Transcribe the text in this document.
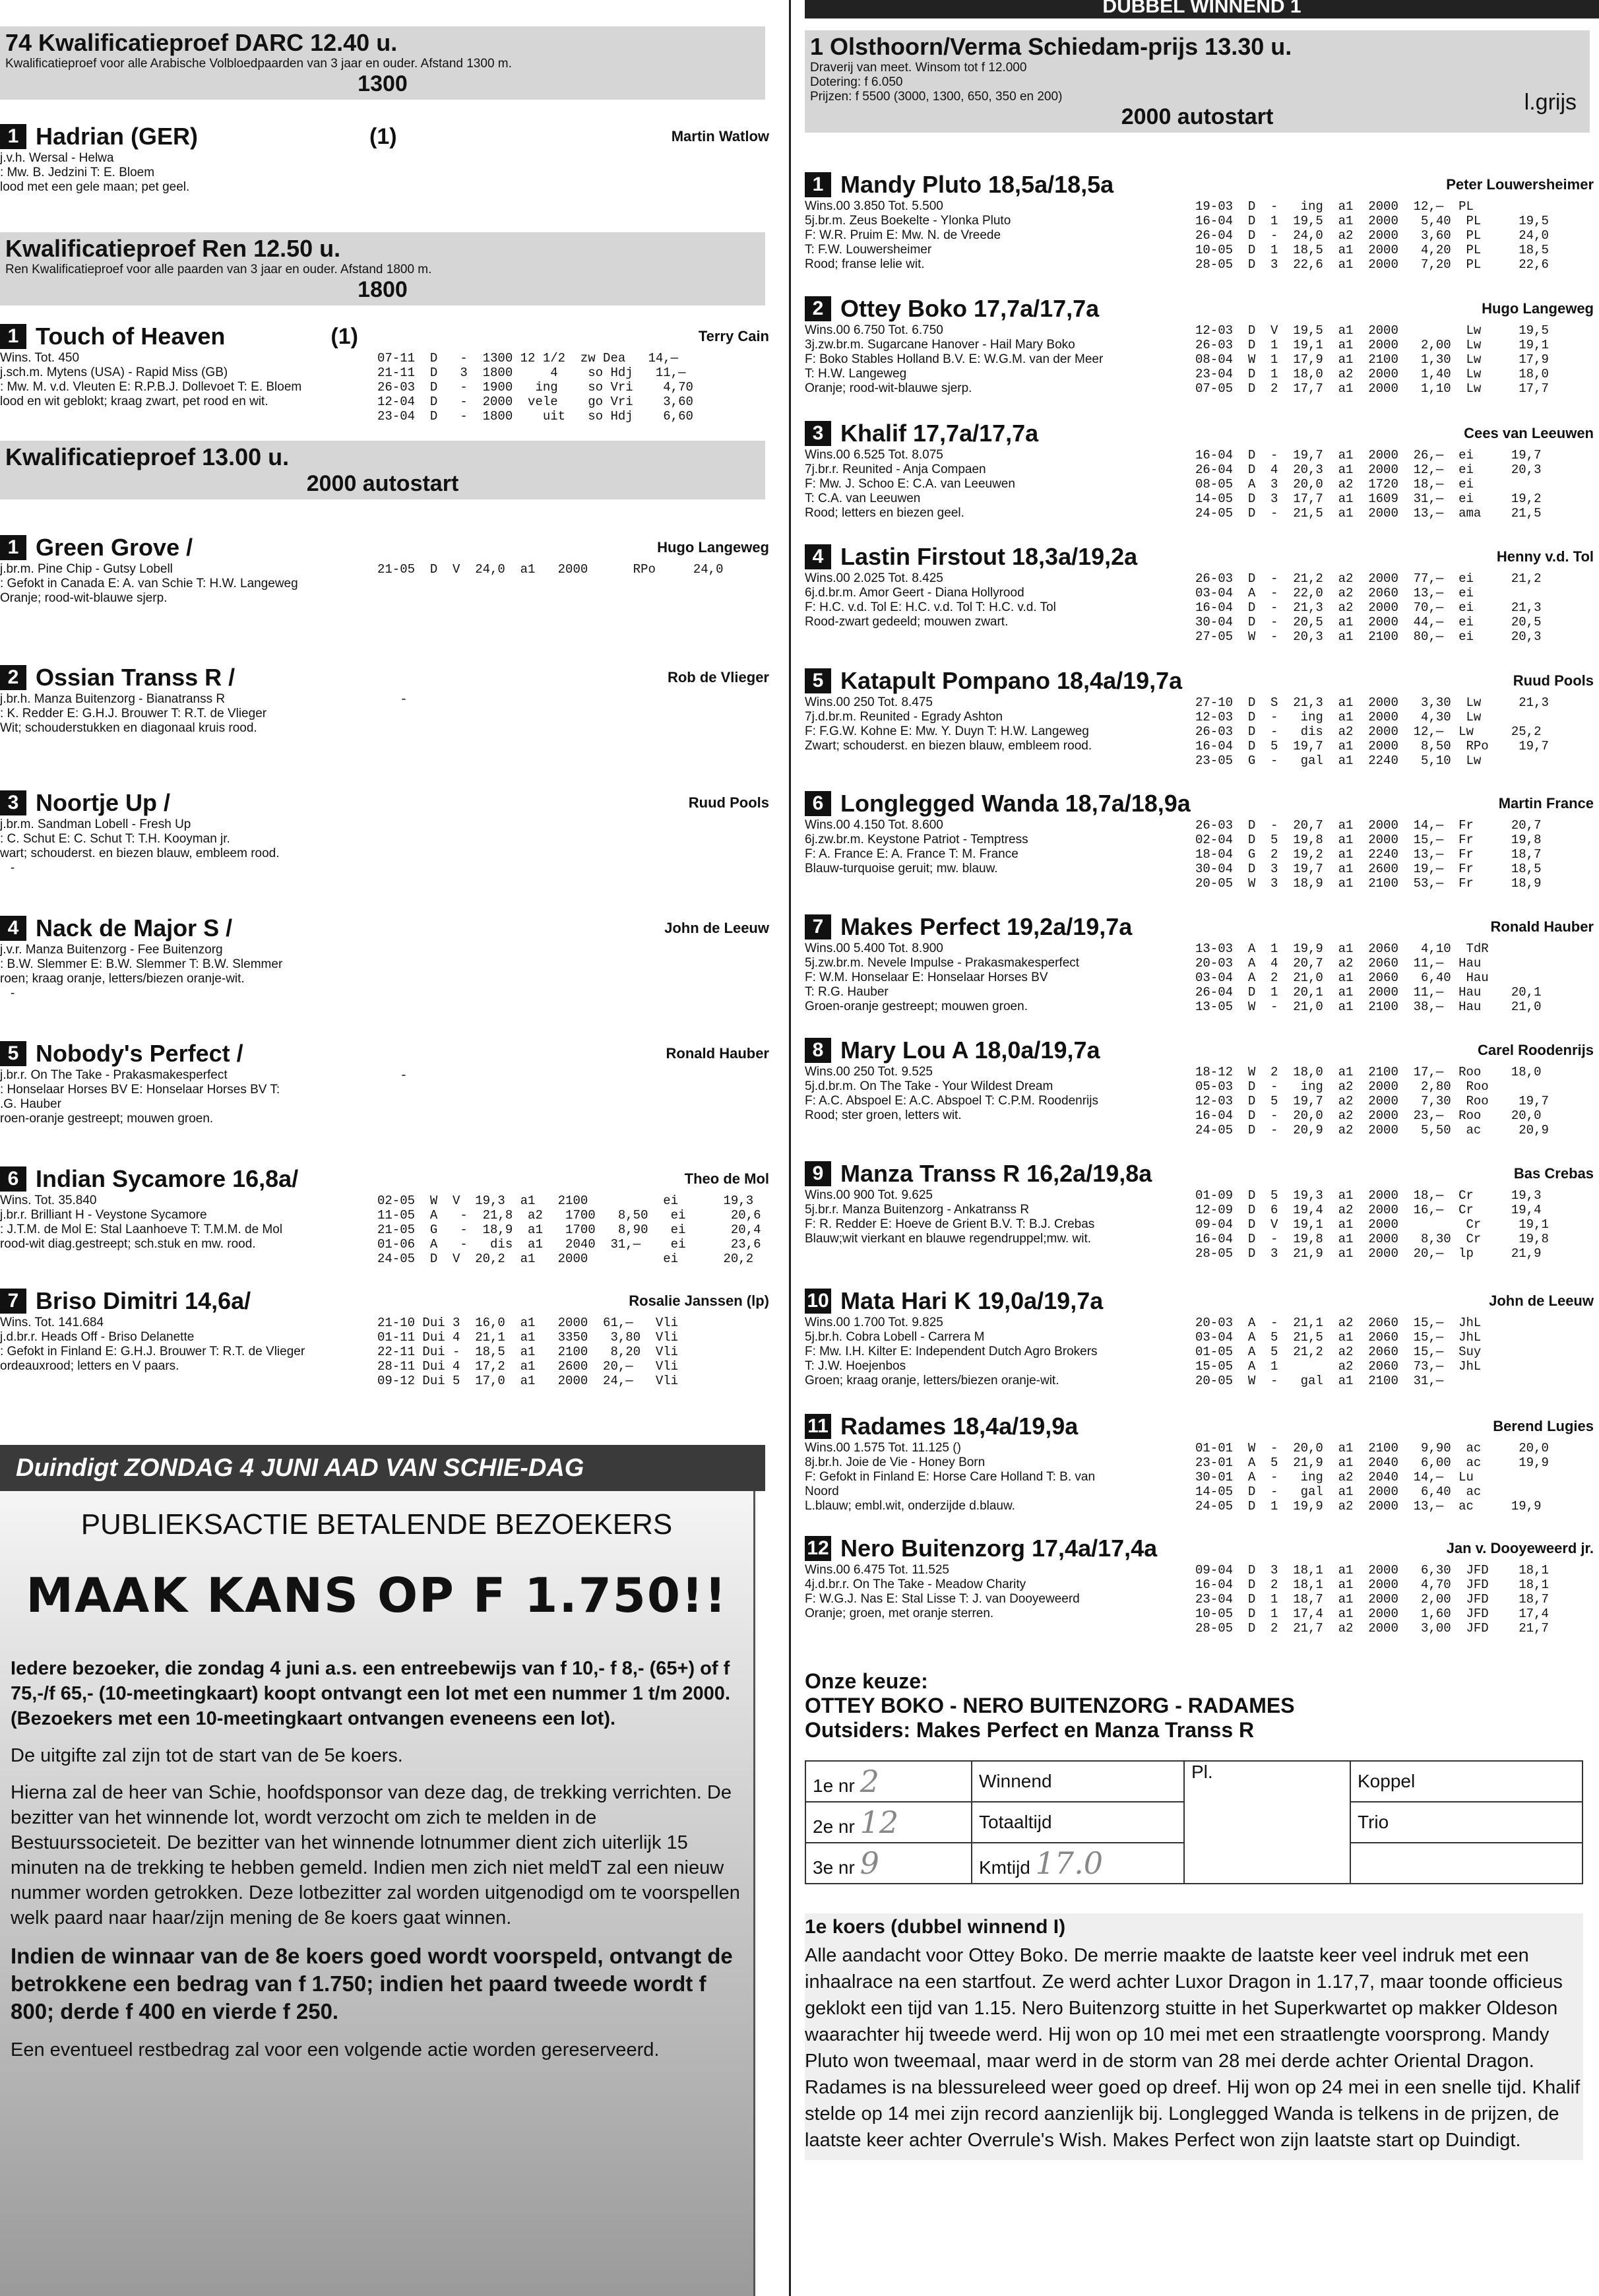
74 Kwalificatieproef DARC 12.40 u.
Kwalificatieproef voor alle Arabische Volbloedpaarden van 3 jaar en ouder. Afstand 1300 m.
1300
1 Hadrian (GER)	(1)	Martin Watlow
j.v.h. Wersal - Helwa
: Mw. B. Jedzini T: E. Bloem
lood met een gele maan; pet geel.
Kwalificatieproef Ren 12.50 u.
Ren Kwalificatieproef voor alle paarden van 3 jaar en ouder. Afstand 1800 m.
1800
1 Touch of Heaven	(1)	Terry Cain
Wins. Tot. 450
j.sch.m. Mytens (USA) - Rapid Miss (GB)
: Mw. M. v.d. Vleuten E: R.P.B.J. Dollevoet T: E. Bloem
lood en wit geblokt; kraag zwart, pet rood en wit.
07-11  D   -  1300 12 1/2  zw Dea   14,—
21-11  D   3  1800     4    so Hdj   11,—
26-03  D   -  1900   ing    so Vri    4,70
12-04  D   -  2000  vele    go Vri    3,60
23-04  D   -  1800    uit   so Hdj    6,60
Kwalificatieproef 13.00 u.
2000 autostart
1 Green Grove /	Hugo Langeweg
j.br.m. Pine Chip - Gutsy Lobell
: Gefokt in Canada E: A. van Schie T: H.W. Langeweg
Oranje; rood-wit-blauwe sjerp.
21-05  D  V  24,0  a1   2000      RPo     24,0
2 Ossian Transs R /	Rob de Vlieger
j.br.h. Manza Buitenzorg - Bianatranss R
: K. Redder E: G.H.J. Brouwer T: R.T. de Vlieger
Wit; schouderstukken en diagonaal kruis rood.
-
3 Noortje Up /	Ruud Pools
j.br.m. Sandman Lobell - Fresh Up
: C. Schut E: C. Schut T: T.H. Kooyman jr.
wart; schouderst. en biezen blauw, embleem rood.
-
4 Nack de Major S /	John de Leeuw
j.v.r. Manza Buitenzorg - Fee Buitenzorg
: B.W. Slemmer E: B.W. Slemmer T: B.W. Slemmer
roen; kraag oranje, letters/biezen oranje-wit.
-
5 Nobody's Perfect /	Ronald Hauber
j.br.r. On The Take - Prakasmakesperfect
: Honselaar Horses BV E: Honselaar Horses BV T:
.G. Hauber
roen-oranje gestreept; mouwen groen.
-
6 Indian Sycamore 16,8a/	Theo de Mol
Wins. Tot. 35.840
j.br.r. Brilliant H - Veystone Sycamore
: J.T.M. de Mol E: Stal Laanhoeve T: T.M.M. de Mol
rood-wit diag.gestreept; sch.stuk en mw. rood.
02-05  W  V  19,3  a1   2100          ei      19,3
11-05  A   -  21,8  a2   1700   8,50   ei      20,6
21-05  G   -  18,9  a1   1700   8,90   ei      20,4
01-06  A   -   dis  a1   2040  31,—    ei      23,6
24-05  D  V  20,2  a1   2000          ei      20,2
7 Briso Dimitri 14,6a/	Rosalie Janssen (lp)
Wins. Tot. 141.684
j.d.br.r. Heads Off - Briso Delanette
: Gefokt in Finland E: G.H.J. Brouwer T: R.T. de Vlieger
ordeauxrood; letters en V paars.
21-10 Dui 3  16,0  a1   2000  61,—   Vli
01-11 Dui 4  21,1  a1   3350   3,80  Vli
22-11 Dui -  18,5  a1   2100   8,20  Vli
28-11 Dui 4  17,2  a1   2600  20,—   Vli
09-12 Dui 5  17,0  a1   2000  24,—   Vli
Duindigt ZONDAG 4 JUNI AAD VAN SCHIE-DAG
PUBLIEKSACTIE BETALENDE BEZOEKERS
MAAK KANS OP F 1.750!!

Iedere bezoeker, die zondag 4 juni a.s. een entreebewijs van f 10,- f 8,- (65+) of f 75,-/f 65,- (10-meetingkaart) koopt ontvangt een lot met een nummer 1 t/m 2000. (Bezoekers met een 10-meetingkaart ontvangen eveneens een lot).

De uitgifte zal zijn tot de start van de 5e koers.

Hierna zal de heer van Schie, hoofdsponsor van deze dag, de trekking verrichten. De bezitter van het winnende lot, wordt verzocht om zich te melden in de Bestuurssocieteit. De bezitter van het winnende lotnummer dient zich uiterlijk 15 minuten na de trekking te hebben gemeld. Indien men zich niet meldT zal een nieuw nummer worden getrokken. Deze lotbezitter zal worden uitgenodigd om te voorspellen welk paard naar haar/zijn mening de 8e koers gaat winnen.

Indien de winnaar van de 8e koers goed wordt voorspeld, ontvangt de betrokkene een bedrag van f 1.750; indien het paard tweede wordt f 800; derde f 400 en vierde f 250.

Een eventueel restbedrag zal voor een volgende actie worden gereserveerd.

DUBBEL WINNEND 1
1 Olsthoorn/Verma Schiedam-prijs 13.30 u.
Draverij van meet. Winsom tot f 12.000
Dotering: f 6.050
Prijzen: f 5500 (3000, 1300, 650, 350 en 200)
2000 autostart
l.grijs
1 Mandy Pluto 18,5a/18,5a	Peter Louwersheimer
Wins.00 3.850 Tot. 5.500
5j.br.m. Zeus Boekelte - Ylonka Pluto
F: W.R. Pruim E: Mw. N. de Vreede
T: F.W. Louwersheimer
Rood; franse lelie wit.
19-03  D  -   ing  a1  2000  12,—  PL
16-04  D  1  19,5  a1  2000   5,40  PL     19,5
26-04  D  -  24,0  a2  2000   3,60  PL     24,0
10-05  D  1  18,5  a1  2000   4,20  PL     18,5
28-05  D  3  22,6  a1  2000   7,20  PL     22,6
2 Ottey Boko 17,7a/17,7a	Hugo Langeweg
Wins.00 6.750 Tot. 6.750
3j.zw.br.m. Sugarcane Hanover - Hail Mary Boko
F: Boko Stables Holland B.V. E: W.G.M. van der Meer
T: H.W. Langeweg
Oranje; rood-wit-blauwe sjerp.
12-03  D  V  19,5  a1  2000         Lw     19,5
26-03  D  1  19,1  a1  2000   2,00  Lw     19,1
08-04  W  1  17,9  a1  2100   1,30  Lw     17,9
23-04  D  1  18,0  a2  2000   1,40  Lw     18,0
07-05  D  2  17,7  a1  2000   1,10  Lw     17,7
3 Khalif 17,7a/17,7a	Cees van Leeuwen
Wins.00 6.525 Tot. 8.075
7j.br.r. Reunited - Anja Compaen
F: Mw. J. Schoo E: C.A. van Leeuwen
T: C.A. van Leeuwen
Rood; letters en biezen geel.
16-04  D  -  19,7  a1  2000  26,—  ei     19,7
26-04  D  4  20,3  a1  2000  12,—  ei     20,3
08-05  A  3  20,0  a2  1720  18,—  ei
14-05  D  3  17,7  a1  1609  31,—  ei     19,2
24-05  D  -  21,5  a1  2000  13,—  ama    21,5
4 Lastin Firstout 18,3a/19,2a	Henny v.d. Tol
Wins.00 2.025 Tot. 8.425
6j.d.br.m. Amor Geert - Diana Hollyrood
F: H.C. v.d. Tol E: H.C. v.d. Tol T: H.C. v.d. Tol
Rood-zwart gedeeld; mouwen zwart.
26-03  D  -  21,2  a2  2000  77,—  ei     21,2
03-04  A  -  22,0  a2  2060  13,—  ei
16-04  D  -  21,3  a2  2000  70,—  ei     21,3
30-04  D  -  20,5  a1  2000  44,—  ei     20,5
27-05  W  -  20,3  a1  2100  80,—  ei     20,3
5 Katapult Pompano 18,4a/19,7a	Ruud Pools
Wins.00 250 Tot. 8.475
7j.d.br.m. Reunited - Egrady Ashton
F: F.G.W. Kohne E: Mw. Y. Duyn T: H.W. Langeweg
Zwart; schouderst. en biezen blauw, embleem rood.
27-10  D  S  21,3  a1  2000   3,30  Lw     21,3
12-03  D  -   ing  a1  2000   4,30  Lw
26-03  D  -   dis  a2  2000  12,—  Lw     25,2
16-04  D  5  19,7  a1  2000   8,50  RPo    19,7
23-05  G  -   gal  a1  2240   5,10  Lw
6 Longlegged Wanda 18,7a/18,9a	Martin France
Wins.00 4.150 Tot. 8.600
6j.zw.br.m. Keystone Patriot - Temptress
F: A. France E: A. France T: M. France
Blauw-turquoise geruit; mw. blauw.
26-03  D  -  20,7  a1  2000  14,—  Fr     20,7
02-04  D  5  19,8  a1  2000  15,—  Fr     19,8
18-04  G  2  19,2  a1  2240  13,—  Fr     18,7
30-04  D  3  19,7  a1  2600  19,—  Fr     18,5
20-05  W  3  18,9  a1  2100  53,—  Fr     18,9
7 Makes Perfect 19,2a/19,7a	Ronald Hauber
Wins.00 5.400 Tot. 8.900
5j.zw.br.m. Nevele Impulse - Prakasmakesperfect
F: W.M. Honselaar E: Honselaar Horses BV
T: R.G. Hauber
Groen-oranje gestreept; mouwen groen.
13-03  A  1  19,9  a1  2060   4,10  TdR
20-03  A  4  20,7  a2  2060  11,—  Hau
03-04  A  2  21,0  a1  2060   6,40  Hau
26-04  D  1  20,1  a1  2000  11,—  Hau    20,1
13-05  W  -  21,0  a1  2100  38,—  Hau    21,0
8 Mary Lou A 18,0a/19,7a	Carel Roodenrijs
Wins.00 250 Tot. 9.525
5j.d.br.m. On The Take - Your Wildest Dream
F: A.C. Abspoel E: A.C. Abspoel T: C.P.M. Roodenrijs
Rood; ster groen, letters wit.
18-12  W  2  18,0  a1  2100  17,—  Roo    18,0
05-03  D  -   ing  a2  2000   2,80  Roo
12-03  D  5  19,7  a2  2000   7,30  Roo    19,7
16-04  D  -  20,0  a2  2000  23,—  Roo    20,0
24-05  D  -  20,9  a2  2000   5,50  ac     20,9
9 Manza Transs R 16,2a/19,8a	Bas Crebas
Wins.00 900 Tot. 9.625
5j.br.r. Manza Buitenzorg - Ankatranss R
F: R. Redder E: Hoeve de Grient B.V. T: B.J. Crebas
Blauw;wit vierkant en blauwe regendruppel;mw. wit.
01-09  D  5  19,3  a1  2000  18,—  Cr     19,3
12-09  D  6  19,4  a2  2000  16,—  Cr     19,4
09-04  D  V  19,1  a1  2000         Cr     19,1
16-04  D  -  19,8  a1  2000   8,30  Cr     19,8
28-05  D  3  21,9  a1  2000  20,—  lp     21,9
10 Mata Hari K 19,0a/19,7a	John de Leeuw
Wins.00 1.700 Tot. 9.825
5j.br.h. Cobra Lobell - Carrera M
F: Mw. I.H. Kilter E: Independent Dutch Agro Brokers
T: J.W. Hoejenbos
Groen; kraag oranje, letters/biezen oranje-wit.
20-03  A  -  21,1  a2  2060  15,—  JhL
03-04  A  5  21,5  a1  2060  15,—  JhL
01-05  A  5  21,2  a2  2060  15,—  Suy
15-05  A  1        a2  2060  73,—  JhL
20-05  W  -   gal  a1  2100  31,—
11 Radames 18,4a/19,9a	Berend Lugies
Wins.00 1.575 Tot. 11.125 ()
8j.br.h. Joie de Vie - Honey Born
F: Gefokt in Finland E: Horse Care Holland T: B. van
Noord
L.blauw; embl.wit, onderzijde d.blauw.
01-01  W  -  20,0  a1  2100   9,90  ac     20,0
23-01  A  5  21,9  a1  2040   6,00  ac     19,9
30-01  A  -   ing  a2  2040  14,—  Lu
14-05  D  -   gal  a1  2000   6,40  ac
24-05  D  1  19,9  a2  2000  13,—  ac     19,9
12 Nero Buitenzorg 17,4a/17,4a	Jan v. Dooyeweerd jr.
Wins.00 6.475 Tot. 11.525
4j.d.br.r. On The Take - Meadow Charity
F: W.G.J. Nas E: Stal Lisse T: J. van Dooyeweerd
Oranje; groen, met oranje sterren.
09-04  D  3  18,1  a1  2000   6,30  JFD    18,1
16-04  D  2  18,1  a1  2000   4,70  JFD    18,1
23-04  D  1  18,7  a1  2000   2,00  JFD    18,7
10-05  D  1  17,4  a1  2000   1,60  JFD    17,4
28-05  D  2  21,7  a2  2000   3,00  JFD    21,7
Onze keuze:
OTTEY BOKO - NERO BUITENZORG - RADAMES
Outsiders: Makes Perfect en Manza Transs R
1e nr 2	Winnend	Pl.	Koppel
2e nr 12	Totaaltijd		Trio
3e nr 9	Kmtijd 17.0		
1e koers (dubbel winnend I)
Alle aandacht voor Ottey Boko. De merrie maakte de laatste keer veel indruk met een inhaalrace na een startfout. Ze werd achter Luxor Dragon in 1.17,7, maar toonde officieus geklokt een tijd van 1.15. Nero Buitenzorg stuitte in het Superkwartet op makker Oldeson waarachter hij tweede werd. Hij won op 10 mei met een straatlengte voorsprong. Mandy Pluto won tweemaal, maar werd in de storm van 28 mei derde achter Oriental Dragon. Radames is na blessureleed weer goed op dreef. Hij won op 24 mei in een snelle tijd. Khalif stelde op 14 mei zijn record aanzienlijk bij. Longlegged Wanda is telkens in de prijzen, de laatste keer achter Overrule's Wish. Makes Perfect won zijn laatste start op Duindigt.
